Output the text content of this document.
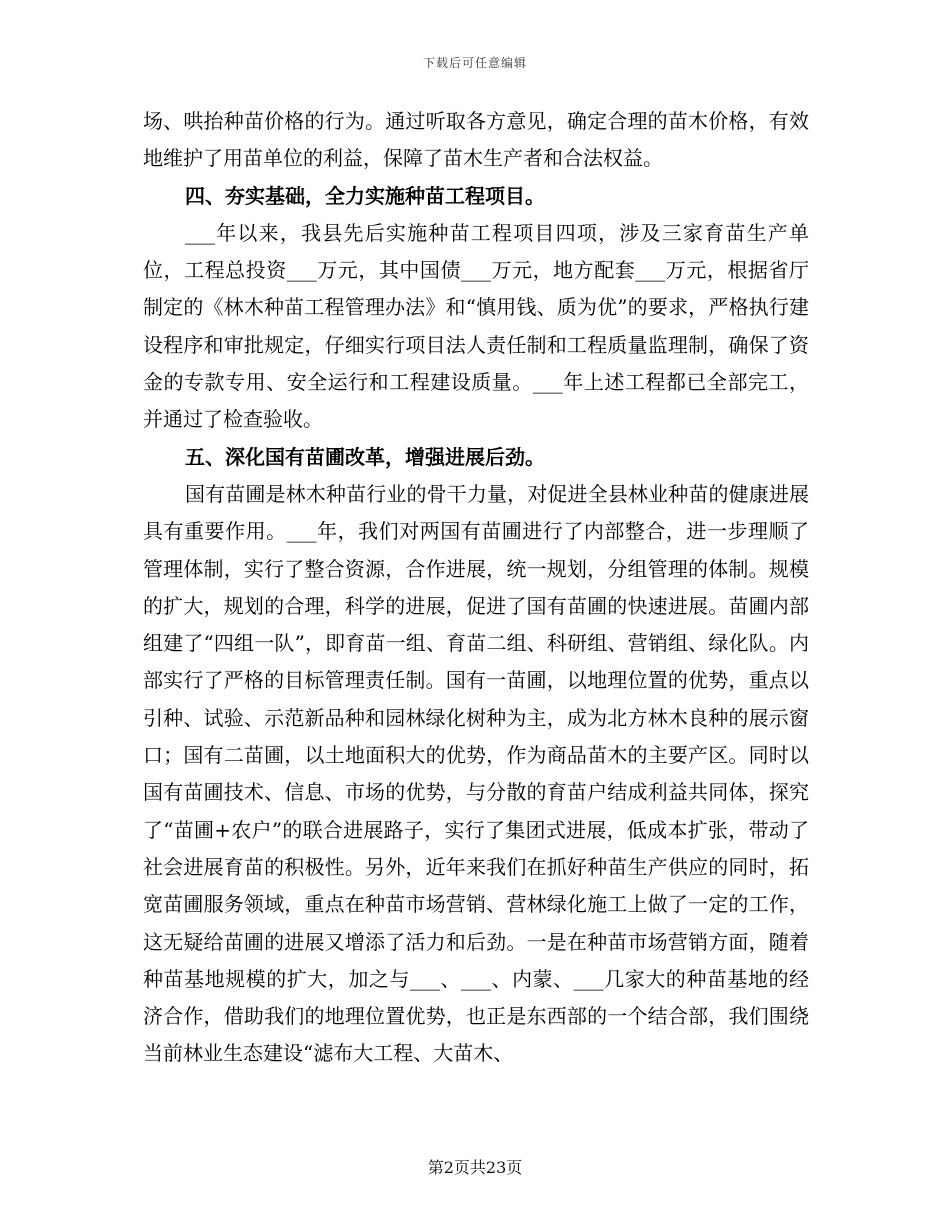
下载后可任意编辑

场、哄抬种苗价格的行为。通过听取各方意见，确定合理的苗木价格，有效地维护了用苗单位的利益，保障了苗木生产者和合法权益。

四、夯实基础，全力实施种苗工程项目。

___年以来，我县先后实施种苗工程项目四项，涉及三家育苗生产单位，工程总投资___万元，其中国债___万元，地方配套___万元，根据省厅制定的《林木种苗工程管理办法》和“慎用钱、质为优”的要求，严格执行建设程序和审批规定，仔细实行项目法人责任制和工程质量监理制，确保了资金的专款专用、安全运行和工程建设质量。___年上述工程都已全部完工，并通过了检查验收。

五、深化国有苗圃改革，增强进展后劲。

国有苗圃是林木种苗行业的骨干力量，对促进全县林业种苗的健康进展具有重要作用。___年，我们对两国有苗圃进行了内部整合，进一步理顺了管理体制，实行了整合资源，合作进展，统一规划，分组管理的体制。规模的扩大，规划的合理，科学的进展，促进了国有苗圃的快速进展。苗圃内部组建了“四组一队”，即育苗一组、育苗二组、科研组、营销组、绿化队。内部实行了严格的目标管理责任制。国有一苗圃，以地理位置的优势，重点以引种、试验、示范新品种和园林绿化树种为主，成为北方林木良种的展示窗口；国有二苗圃，以土地面积大的优势，作为商品苗木的主要产区。同时以国有苗圃技术、信息、市场的优势，与分散的育苗户结成利益共同体，探究了“苗圃+农户”的联合进展路子，实行了集团式进展，低成本扩张，带动了社会进展育苗的积极性。另外，近年来我们在抓好种苗生产供应的同时，拓宽苗圃服务领域，重点在种苗市场营销、营林绿化施工上做了一定的工作，这无疑给苗圃的进展又增添了活力和后劲。一是在种苗市场营销方面，随着种苗基地规模的扩大，加之与___、___、内蒙、___几家大的种苗基地的经济合作，借助我们的地理位置优势，也正是东西部的一个结合部，我们围绕当前林业生态建设“滤布大工程、大苗木、

第2页共23页
